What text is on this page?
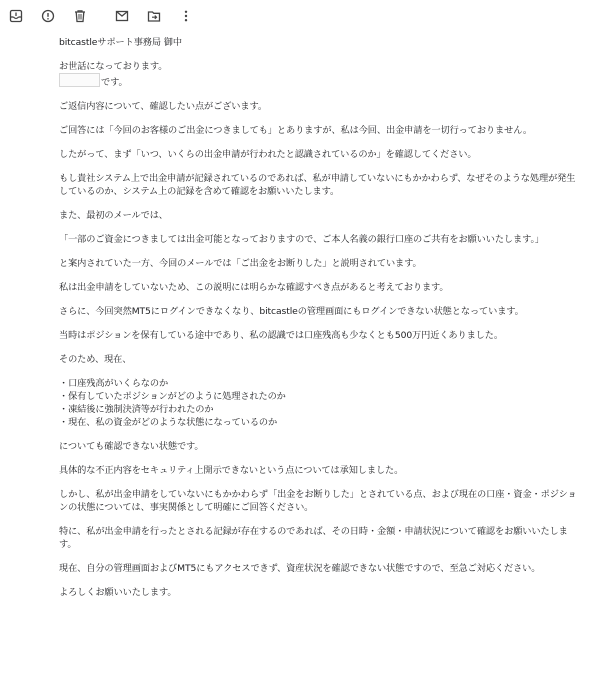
bitcastleサポート事務局 御中

お世話になっております。
です。

ご返信内容について、確認したい点がございます。

ご回答には「今回のお客様のご出金につきましても」とありますが、私は今回、出金申請を一切行っておりません。

したがって、まず「いつ、いくらの出金申請が行われたと認識されているのか」を確認してください。

もし貴社システム上で出金申請が記録されているのであれば、私が申請していないにもかかわらず、なぜそのような処理が発生
しているのか、システム上の記録を含めて確認をお願いいたします。

また、最初のメールでは、

「一部のご資金につきましては出金可能となっておりますので、ご本人名義の銀行口座のご共有をお願いいたします。」

と案内されていた一方、今回のメールでは「ご出金をお断りした」と説明されています。

私は出金申請をしていないため、この説明には明らかな確認すべき点があると考えております。

さらに、今回突然MT5にログインできなくなり、bitcastleの管理画面にもログインできない状態となっています。

当時はポジションを保有している途中であり、私の認識では口座残高も少なくとも500万円近くありました。

そのため、現在、

・口座残高がいくらなのか
・保有していたポジションがどのように処理されたのか
・凍結後に強制決済等が行われたのか
・現在、私の資金がどのような状態になっているのか

についても確認できない状態です。

具体的な不正内容をセキュリティ上開示できないという点については承知しました。

しかし、私が出金申請をしていないにもかかわらず「出金をお断りした」とされている点、および現在の口座・資金・ポジショ
ンの状態については、事実関係として明確にご回答ください。

特に、私が出金申請を行ったとされる記録が存在するのであれば、その日時・金額・申請状況について確認をお願いいたしま
す。

現在、自分の管理画面およびMT5にもアクセスできず、資産状況を確認できない状態ですので、至急ご対応ください。

よろしくお願いいたします。
